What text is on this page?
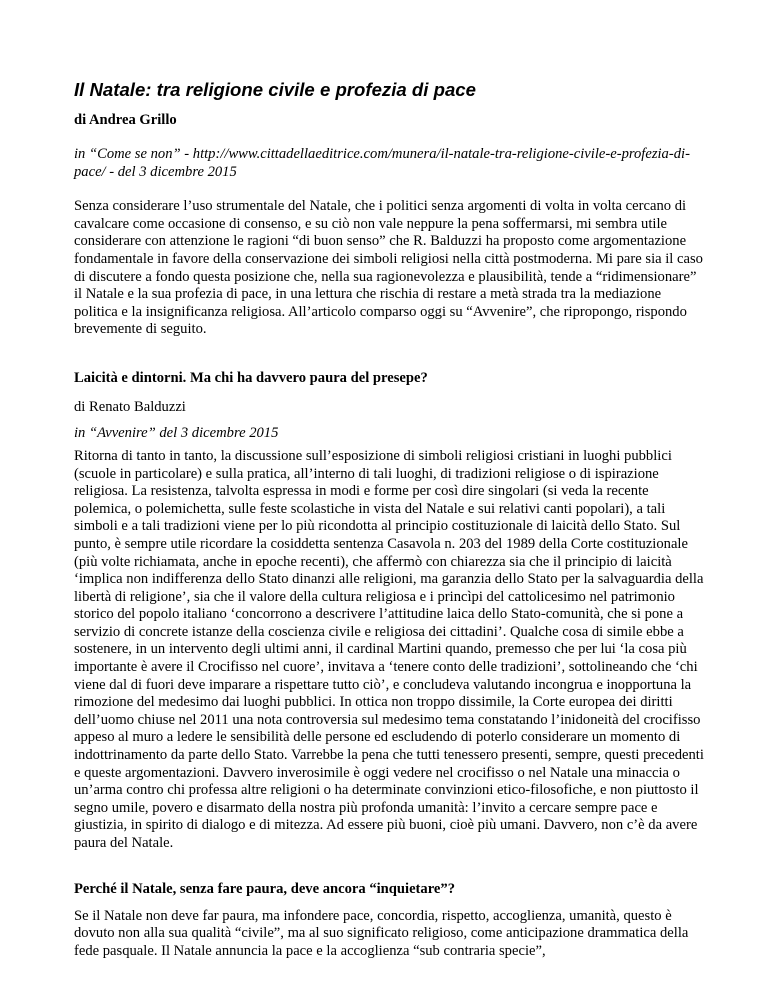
Il Natale: tra religione civile e profezia di pace

di Andrea Grillo

in “Come se non” - http://www.cittadellaeditrice.com/munera/il-natale-tra-religione-civile-e-profezia-di-pace/ - del 3 dicembre 2015

Senza considerare l’uso strumentale del Natale, che i politici senza argomenti di volta in volta cercano di cavalcare come occasione di consenso, e su ciò non vale neppure la pena soffermarsi, mi sembra utile considerare con attenzione le ragioni “di buon senso” che R. Balduzzi ha proposto come argomentazione fondamentale in favore della conservazione dei simboli religiosi nella città postmoderna. Mi pare sia il caso di discutere a fondo questa posizione che, nella sua ragionevolezza e plausibilità, tende a “ridimensionare” il Natale e la sua profezia di pace, in una lettura che rischia di restare a metà strada tra la mediazione politica e la insignificanza religiosa. All’articolo comparso oggi su “Avvenire”, che ripropongo, rispondo brevemente di seguito.

Laicità e dintorni. Ma chi ha davvero paura del presepe?

di Renato Balduzzi

in “Avvenire” del 3 dicembre 2015

Ritorna di tanto in tanto, la discussione sull’esposizione di simboli religiosi cristiani in luoghi pubblici (scuole in particolare) e sulla pratica, all’interno di tali luoghi, di tradizioni religiose o di ispirazione religiosa. La resistenza, talvolta espressa in modi e forme per così dire singolari (si veda la recente polemica, o polemichetta, sulle feste scolastiche in vista del Natale e sui relativi canti popolari), a tali simboli e a tali tradizioni viene per lo più ricondotta al principio costituzionale di laicità dello Stato. Sul punto, è sempre utile ricordare la cosiddetta sentenza Casavola n. 203 del 1989 della Corte costituzionale (più volte richiamata, anche in epoche recenti), che affermò con chiarezza sia che il principio di laicità ‘implica non indifferenza dello Stato dinanzi alle religioni, ma garanzia dello Stato per la salvaguardia della libertà di religione’, sia che il valore della cultura religiosa e i princìpi del cattolicesimo nel patrimonio storico del popolo italiano ‘concorrono a descrivere l’attitudine laica dello Stato-comunità, che si pone a servizio di concrete istanze della coscienza civile e religiosa dei cittadini’. Qualche cosa di simile ebbe a sostenere, in un intervento degli ultimi anni, il cardinal Martini quando, premesso che per lui ‘la cosa più importante è avere il Crocifisso nel cuore’, invitava a ‘tenere conto delle tradizioni’, sottolineando che ‘chi viene dal di fuori deve imparare a rispettare tutto ciò’, e concludeva valutando incongrua e inopportuna la rimozione del medesimo dai luoghi pubblici. In ottica non troppo dissimile, la Corte europea dei diritti dell’uomo chiuse nel 2011 una nota controversia sul medesimo tema constatando l’inidoneità del crocifisso appeso al muro a ledere le sensibilità delle persone ed escludendo di poterlo considerare un momento di indottrinamento da parte dello Stato. Varrebbe la pena che tutti tenessero presenti, sempre, questi precedenti e queste argomentazioni. Davvero inverosimile è oggi vedere nel crocifisso o nel Natale una minaccia o un’arma contro chi professa altre religioni o ha determinate convinzioni etico-filosofiche, e non piuttosto il segno umile, povero e disarmato della nostra più profonda umanità: l’invito a cercare sempre pace e giustizia, in spirito di dialogo e di mitezza. Ad essere più buoni, cioè più umani. Davvero, non c’è da avere paura del Natale.

Perché il Natale, senza fare paura, deve ancora “inquietare”?

Se il Natale non deve far paura, ma infondere pace, concordia, rispetto, accoglienza, umanità, questo è dovuto non alla sua qualità “civile”, ma al suo significato religioso, come anticipazione drammatica della fede pasquale. Il Natale annuncia la pace e la accoglienza “sub contraria specie”,
